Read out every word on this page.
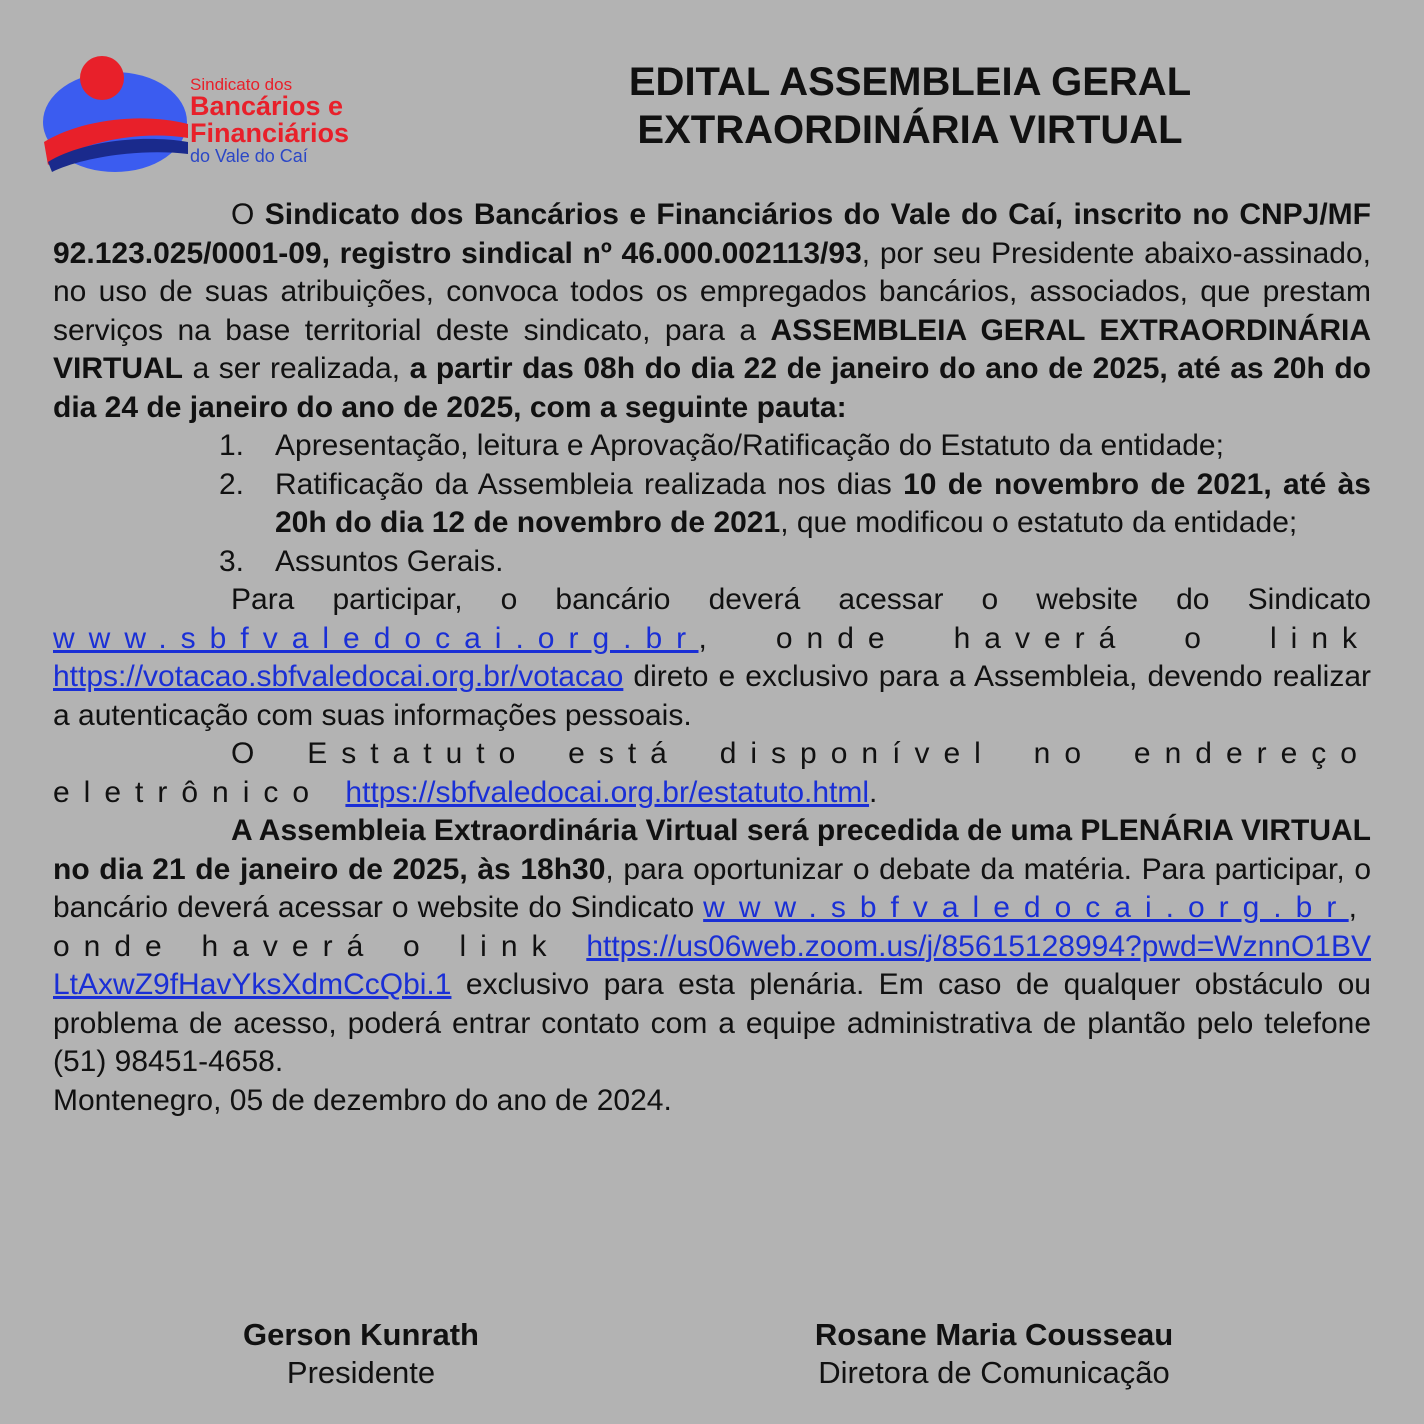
Sindicato dos
Bancários e
Financiários
do Vale do Caí
EDITAL ASSEMBLEIA GERAL
EXTRAORDINÁRIA VIRTUAL

O Sindicato dos Bancários e Financiários do Vale do Caí, inscrito no CNPJ/MF 92.123.025/0001-09, registro sindical nº 46.000.002113/93, por seu Presidente abaixo-assinado, no uso de suas atribuições, convoca todos os empregados bancários, associados, que prestam serviços na base territorial deste sindicato, para a ASSEMBLEIA GERAL EXTRAORDINÁRIA VIRTUAL a ser realizada, a partir das 08h do dia 22 de janeiro do ano de 2025, até as 20h do dia 24 de janeiro do ano de 2025, com a seguinte pauta:

1. Apresentação, leitura e Aprovação/Ratificação do Estatuto da entidade;
2. Ratificação da Assembleia realizada nos dias 10 de novembro de 2021, até às 20h do dia 12 de novembro de 2021, que modificou o estatuto da entidade;
3. Assuntos Gerais.

Para participar, o bancário deverá acessar o website do Sindicato www.sbfvaledocai.org.br, onde haverá o link https://votacao.sbfvaledocai.org.br/votacao direto e exclusivo para a Assembleia, devendo realizar a autenticação com suas informações pessoais.

O Estatuto está disponível no endereço eletrônico https://sbfvaledocai.org.br/estatuto.html.

A Assembleia Extraordinária Virtual será precedida de uma PLENÁRIA VIRTUAL no dia 21 de janeiro de 2025, às 18h30, para oportunizar o debate da matéria. Para participar, o bancário deverá acessar o website do Sindicato www.sbfvaledocai.org.br, onde haverá o link https://us06web.zoom.us/j/85615128994?pwd=WznnO1BVLtAxwZ9fHavYksXdmCcQbi.1 exclusivo para esta plenária. Em caso de qualquer obstáculo ou problema de acesso, poderá entrar contato com a equipe administrativa de plantão pelo telefone (51) 98451-4658.

Montenegro, 05 de dezembro do ano de 2024.

Gerson Kunrath
Presidente
Rosane Maria Cousseau
Diretora de Comunicação
